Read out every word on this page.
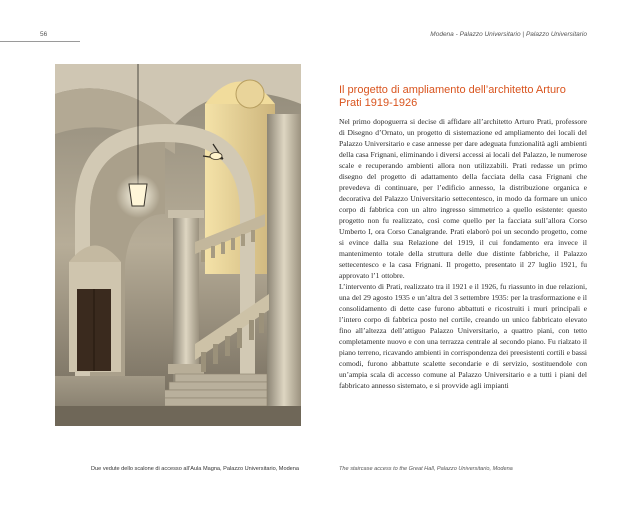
56	Modena - Palazzo Universitario | Palazzo Universitario
Il progetto di ampliamento dell’architetto Arturo Prati 1919-1926

Nel primo dopoguerra si decise di affidare all’architetto Arturo Prati, professore di Disegno d’Ornato, un progetto di sistemazione ed ampliamento dei locali del Palazzo Universitario e case annesse per dare adeguata funzionalità agli ambienti della casa Frignani, eliminando i diversi accessi ai locali del Palazzo, le numerose scale e recuperando ambienti allora non utilizzabili. Prati redasse un primo disegno del progetto di adattamento della facciata della casa Frignani che prevedeva di continuare, per l’edificio annesso, la distribuzione organica e decorativa del Palazzo Universitario settecentesco, in modo da formare un unico corpo di fabbrica con un altro ingresso simmetrico a quello esistente: questo progetto non fu realizzato, così come quello per la facciata sull’allora Corso Umberto I, ora Corso Canalgrande. Prati elaborò poi un secondo progetto, come si evince dalla sua Relazione del 1919, il cui fondamento era invece il mantenimento totale della struttura delle due distinte fabbriche, il Palazzo settecentesco e la casa Frignani. Il progetto, presentato il 27 luglio 1921, fu approvato l’1 ottobre.

L’intervento di Prati, realizzato tra il 1921 e il 1926, fu riassunto in due relazioni, una del 29 agosto 1935 e un’altra del 3 settembre 1935: per la trasformazione e il consolidamento di dette case furono abbattuti e ricostruiti i muri principali e l’intero corpo di fabbrica posto nel cortile, creando un unico fabbricato elevato fino all’altezza dell’attiguo Palazzo Universitario, a quattro piani, con tetto completamente nuovo e con una terrazza centrale al secondo piano. Fu rialzato il piano terreno, ricavando ambienti in corrispondenza dei preesistenti cortili e bassi comodi, furono abbattute scalette secondarie e di servizio, sostituendole con un’ampia scala di accesso comune al Palazzo Universitario e a tutti i piani del fabbricato annesso sistemato, e si provvide agli impianti

Due vedute dello scalone di accesso all’Aula Magna, Palazzo Universitario, Modena	The staircase access to the Great Hall, Palazzo Universitario, Modena
